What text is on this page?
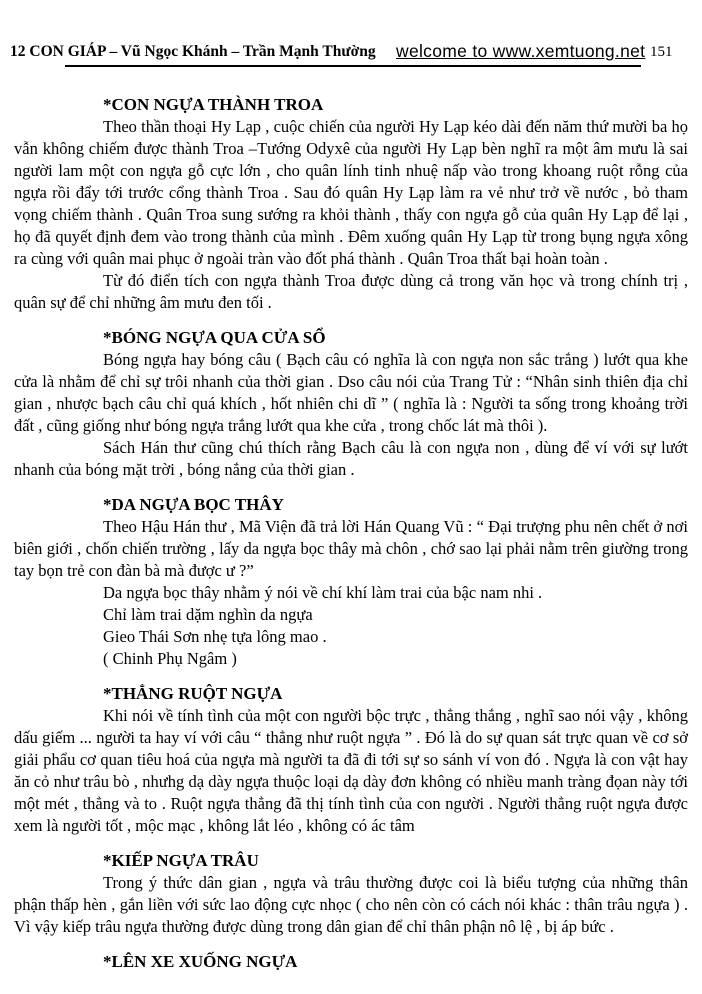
12 CON GIÁP – Vũ Ngọc Khánh – Trần Mạnh Thường welcome to www.xemtuong.net 151
*CON NGỰA THÀNH TROA

Theo thần thoại Hy Lạp , cuộc chiến của người Hy Lạp kéo dài đến năm thứ mười ba họ vẫn không chiếm được thành Troa –Tướng Odyxê của người Hy Lạp bèn nghĩ ra một âm mưu là sai người lam một con ngựa gỗ cực lớn , cho quân lính tinh nhuệ nấp vào trong khoang ruột rỗng của ngựa rồi đẩy tới trước cổng thành Troa . Sau đó quân Hy Lạp làm ra vẻ như trở về nước , bỏ tham vọng chiếm thành . Quân Troa sung sướng ra khỏi thành , thấy con ngựa gỗ của quân Hy Lạp để lại , họ đã quyết định đem vào trong thành của mình . Đêm xuống quân Hy Lạp từ trong bụng ngựa xông ra cùng với quân mai phục ở ngoài tràn vào đốt phá thành . Quân Troa thất bại hoàn toàn .

Từ đó điển tích con ngựa thành Troa được dùng cả trong văn học và trong chính trị , quân sự để chỉ những âm mưu đen tối .

*BÓNG NGỰA QUA CỬA SỔ

Bóng ngựa hay bóng câu ( Bạch câu có nghĩa là con ngựa non sắc trắng ) lướt qua khe cửa là nhằm để chỉ sự trôi nhanh của thời gian . Dso câu nói của Trang Tử : “Nhân sinh thiên địa chỉ gian , nhược bạch câu chỉ quá khích , hốt nhiên chi dĩ ” ( nghĩa là : Người ta sống trong khoảng trời đất , cũng giống như bóng ngựa trắng lướt qua khe cửa , trong chốc lát mà thôi ).

Sách Hán thư cũng chú thích rằng Bạch câu là con ngựa non , dùng để ví với sự lướt nhanh của bóng mặt trời , bóng nắng của thời gian .

*DA NGỰA BỌC THÂY

Theo Hậu Hán thư , Mã Viện đã trả lời Hán Quang Vũ : “ Đại trượng phu nên chết ở nơi biên giới , chốn chiến trường , lấy da ngựa bọc thây mà chôn , chớ sao lại phải nằm trên giường trong tay bọn trẻ con đàn bà mà được ư ?”

Da ngựa bọc thây nhằm ý nói về chí khí làm trai của bậc nam nhi .

Chỉ làm trai dặm nghìn da ngựa

Gieo Thái Sơn nhẹ tựa lông mao .

( Chinh Phụ Ngâm )

*THẲNG RUỘT NGỰA

Khi nói về tính tình của một con người bộc trực , thẳng thắng , nghĩ sao nói vậy , không dấu giếm ... người ta hay ví với câu “ thẳng như ruột ngựa ” . Đó là do sự quan sát trực quan về cơ sở giải phẩu cơ quan tiêu hoá của ngựa mà người ta đã đi tới sự so sánh ví von đó . Ngựa là con vật hay ăn cỏ như trâu bò , nhưhg dạ dày ngựa thuộc loại dạ dày đơn không có nhiều manh tràng đọan này tới một mét , thẳng và to . Ruột ngựa thẳng đã thị tính tình của con người . Người thẳng ruột ngựa được xem là người tốt , mộc mạc , không lắt léo , không có ác tâm

*KIẾP NGỰA TRÂU

Trong ý thức dân gian , ngựa và trâu thường được coi là biểu tượng của những thân phận thấp hèn , gắn liền với sức lao động cực nhọc ( cho nên còn có cách nói khác : thân trâu ngựa ) . Vì vậy kiếp trâu ngựa thường được dùng trong dân gian để chỉ thân phận nô lệ , bị áp bức .

*LÊN XE XUỐNG NGỰA
